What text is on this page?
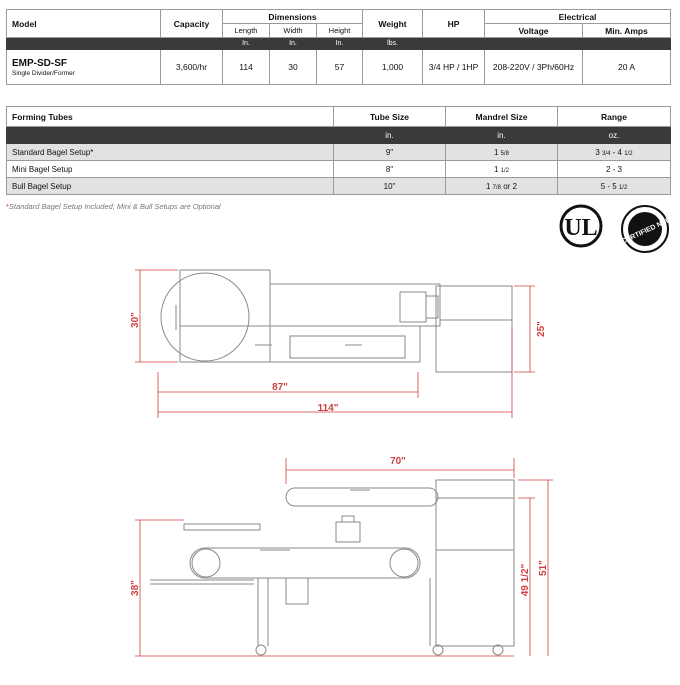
Model	Capacity	Dimensions			Weight	HP	Electrical	
		Length	Width	Height			Voltage	Min. Amps
		In.	In.	In.	lbs.			

EMP-SD-SF
Single Divider/Former	3,600/hr	114	30	57	1,000	3/4 HP / 1HP	208-220V / 3Ph/60Hz	20 A
Forming Tubes	Tube Size	Mandrel Size	Range
	in.	in.	oz.
Standard Bagel Setup*	9"	1 5/8	3 3/4 - 4 1/2
Mini Bagel Setup	8"	1 1/2	2 - 3
Bull Bagel Setup	10"	1 7/8 or 2	5 - 5 1/2
*Standard Bagel Setup Included; Mini & Bull Setups are Optional
UL	CERTIFIED NSF
30"
25"
87"
114"
70"
38"	49 1/2" 51"
